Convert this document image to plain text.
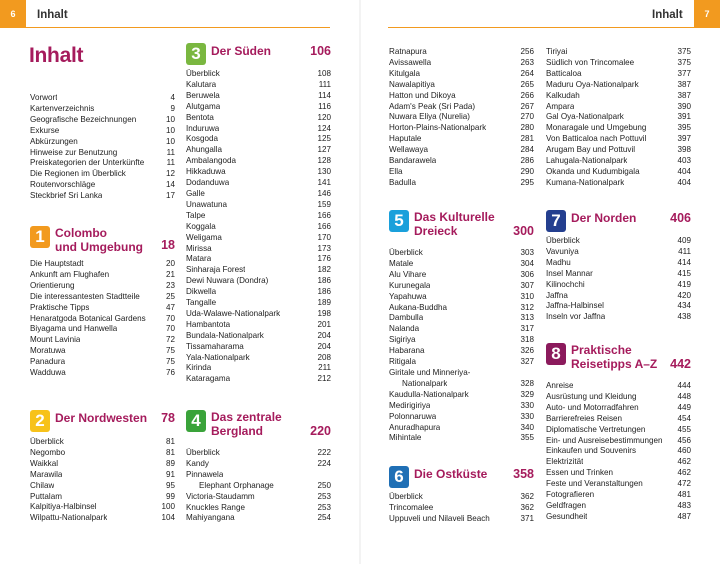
6	Inhalt	Inhalt	7
Inhalt
Vorwort	4
Kartenverzeichnis	9
Geografische Bezeichnungen	10
Exkurse	10
Abkürzungen	10
Hinweise zur Benutzung	11
Preiskategorien der Unterkünfte	11
Die Regionen im Überblick	12
Routenvorschläge	14
Steckbrief Sri Lanka	17
1 Colombo
und Umgebung	18
Die Hauptstadt	20
Ankunft am Flughafen	21
Orientierung	23
Die interessantesten Stadtteile	25
Praktische Tipps	47
Henaratgoda Botanical Gardens	70
Biyagama und Hanwella	70
Mount Lavinia	72
Moratuwa	75
Panadura	75
Wadduwa	76
2 Der Nordwesten	78
Überblick	81
Negombo	81
Waikkal	89
Marawila	91
Chilaw	95
Puttalam	99
Kalpitiya-Halbinsel	100
Wilpattu-Nationalpark	104
3 Der Süden	106
Überblick	108
Kalutara	111
Beruwela	114
Alutgama	116
Bentota	120
Induruwa	124
Kosgoda	125
Ahungalla	127
Ambalangoda	128
Hikkaduwa	130
Dodanduwa	141
Galle	146
Unawatuna	159
Talpe	166
Koggala	166
Weligama	170
Mirissa	173
Matara	176
Sinharaja Forest	182
Dewi Nuwara (Dondra)	186
Dikwella	186
Tangalle	189
Uda-Walawe-Nationalpark	198
Hambantota	201
Bundala-Nationalpark	204
Tissamaharama	204
Yala-Nationalpark	208
Kirinda	211
Kataragama	212
4 Das zentrale
Bergland	220
Überblick	222
Kandy	224
Pinnawela
Elephant Orphanage	250
Victoria-Staudamm	253
Knuckles Range	253
Mahiyangana	254
Ratnapura	256
Avissawella	263
Kitulgala	264
Nawalapitiya	265
Hatton und Dikoya	266
Adam's Peak (Sri Pada)	267
Nuwara Eliya (Nurelia)	270
Horton-Plains-Nationalpark	280
Haputale	281
Wellawaya	284
Bandarawela	286
Ella	290
Badulla	295
5 Das Kulturelle
Dreieck	300
Überblick	303
Matale	304
Alu Vihare	306
Kurunegala	307
Yapahuwa	310
Aukana-Buddha	312
Dambulla	313
Nalanda	317
Sigiriya	318
Habarana	326
Ritigala	327
Giritale und Minneriya-
Nationalpark	328
Kaudulla-Nationalpark	329
Medirigiriya	330
Polonnaruwa	330
Anuradhapura	340
Mihintale	355
6 Die Ostküste	358
Überblick	362
Trincomalee	362
Uppuveli und Nilaveli Beach	371
Tiriyai	375
Südlich von Trincomalee	375
Batticaloa	377
Maduru Oya-Nationalpark	387
Kalkudah	387
Ampara	390
Gal Oya-Nationalpark	391
Monaragale und Umgebung	395
Von Batticaloa nach Pottuvil	397
Arugam Bay und Pottuvil	398
Lahugala-Nationalpark	403
Okanda und Kudumbigala	404
Kumana-Nationalpark	404
7 Der Norden	406
Überblick	409
Vavuniya	411
Madhu	414
Insel Mannar	415
Kilinochchi	419
Jaffna	420
Jaffna-Halbinsel	434
Inseln vor Jaffna	438
8 Praktische
Reisetipps A–Z	442
Anreise	444
Ausrüstung und Kleidung	448
Auto- und Motorradfahren	449
Barrierefreies Reisen	454
Diplomatische Vertretungen	455
Ein- und Ausreisebestimmungen	456
Einkaufen und Souvenirs	460
Elektrizität	462
Essen und Trinken	462
Feste und Veranstaltungen	472
Fotografieren	481
Geldfragen	483
Gesundheit	487
